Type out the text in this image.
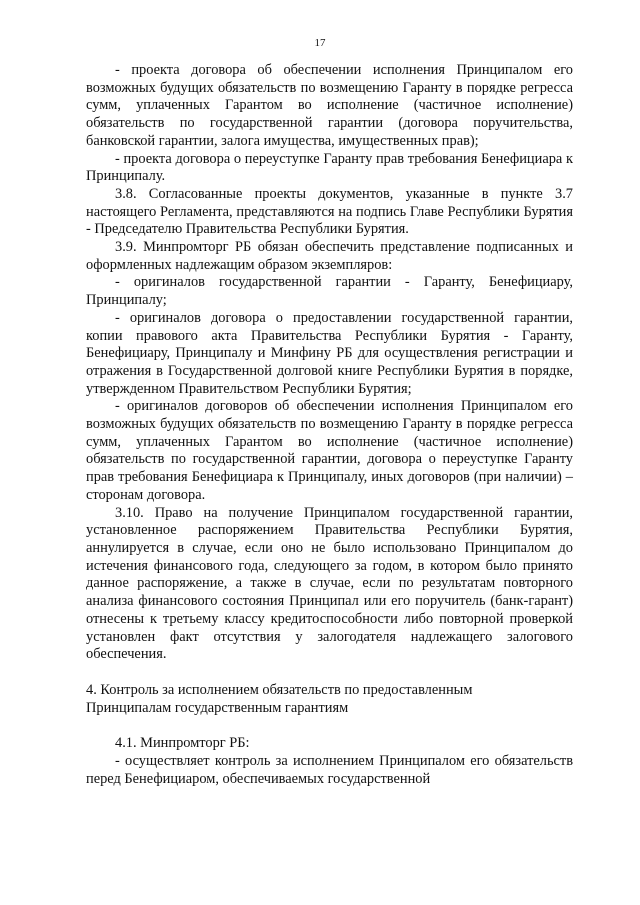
17

- проекта договора об обеспечении исполнения Принципалом его возможных будущих обязательств по возмещению Гаранту в порядке регресса сумм, уплаченных Гарантом во исполнение (частичное исполнение) обязательств по государственной гарантии (договора поручительства, банковской гарантии, залога имущества, имущественных прав);

- проекта договора о переуступке Гаранту прав требования Бенефициара к Принципалу.

3.8. Согласованные проекты документов, указанные в пункте 3.7 настоящего Регламента, представляются на подпись Главе Республики Бурятия - Председателю Правительства Республики Бурятия.

3.9. Минпромторг РБ обязан обеспечить представление подписанных и оформленных надлежащим образом экземпляров:

- оригиналов государственной гарантии - Гаранту, Бенефициару, Принципалу;

- оригиналов договора о предоставлении государственной гарантии, копии правового акта Правительства Республики Бурятия - Гаранту, Бенефициару, Принципалу и Минфину РБ для осуществления регистрации и отражения в Государственной долговой книге Республики Бурятия в порядке, утвержденном Правительством Республики Бурятия;

- оригиналов договоров об обеспечении исполнения Принципалом его возможных будущих обязательств по возмещению Гаранту в порядке регресса сумм, уплаченных Гарантом во исполнение (частичное исполнение) обязательств по государственной гарантии, договора о переуступке Гаранту прав требования Бенефициара к Принципалу, иных договоров (при наличии) – сторонам договора.

3.10. Право на получение Принципалом государственной гарантии, установленное распоряжением Правительства Республики Бурятия, аннулируется в случае, если оно не было использовано Принципалом до истечения финансового года, следующего за годом, в котором было принято данное распоряжение, а также в случае, если по результатам повторного анализа финансового состояния Принципал или его поручитель (банк-гарант) отнесены к третьему классу кредитоспособности либо повторной проверкой установлен факт отсутствия у залогодателя надлежащего залогового обеспечения.

4. Контроль за исполнением обязательств по предоставленным

Принципалам государственным гарантиям

4.1. Минпромторг РБ:

- осуществляет контроль за исполнением Принципалом его обязательств перед Бенефициаром, обеспечиваемых государственной
